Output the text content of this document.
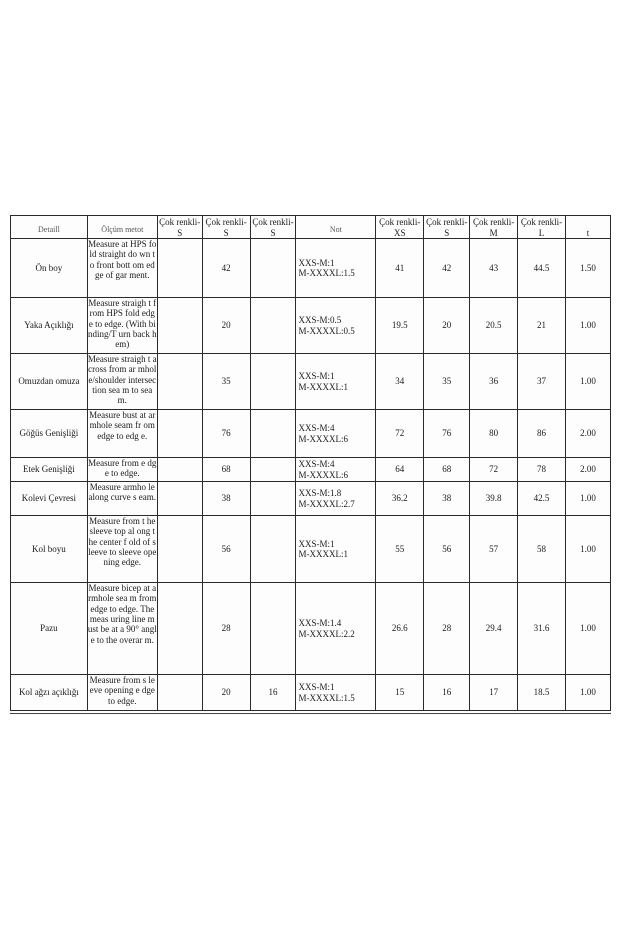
Detaill	Ölçüm metot	Çok renkli-S	Çok renkli-S	Çok renkli-S	Not	Çok renkli-XS	Çok renkli-S	Çok renkli-M	Çok renkli-L	t
Ön boy	Measure at HPS fold straight do wn to front bott om edge of gar ment.		42		XXS-M:1
M-XXXXL:1.5	41	42	43	44.5	1.50
Yaka Açıklığı	Measure straigh t from HPS fold edge to edge. (With binding/T urn back hem)		20		XXS-M:0.5
M-XXXXL:0.5	19.5	20	20.5	21	1.00
Omuzdan omuza	Measure straigh t across from ar mhole/shoulder intersection sea m to seam.		35		XXS-M:1
M-XXXXL:1	34	35	36	37	1.00
Göğüs Genişliği	Measure bust at armhole seam fr om edge to edg e.		76		XXS-M:4
M-XXXXL:6	72	76	80	86	2.00
Etek Genişliği	Measure from e dge to edge.		68		XXS-M:4
M-XXXXL:6	64	68	72	78	2.00
Kolevi Çevresi	Measure armho le along curve s eam.		38		XXS-M:1.8
M-XXXXL:2.7	36.2	38	39.8	42.5	1.00
Kol boyu	Measure from t he sleeve top al ong the center f old of sleeve to sleeve opening edge.		56		XXS-M:1
M-XXXXL:1	55	56	57	58	1.00
Pazu	Measure bicep at armhole sea m from edge to edge. The meas uring line must be at a 90° angl e to the overar m.		28		XXS-M:1.4
M-XXXXL:2.2	26.6	28	29.4	31.6	1.00
Kol ağzı açıklığı	Measure from s leeve opening e dge to edge.		20	16	XXS-M:1
M-XXXXL:1.5	15	16	17	18.5	1.00
